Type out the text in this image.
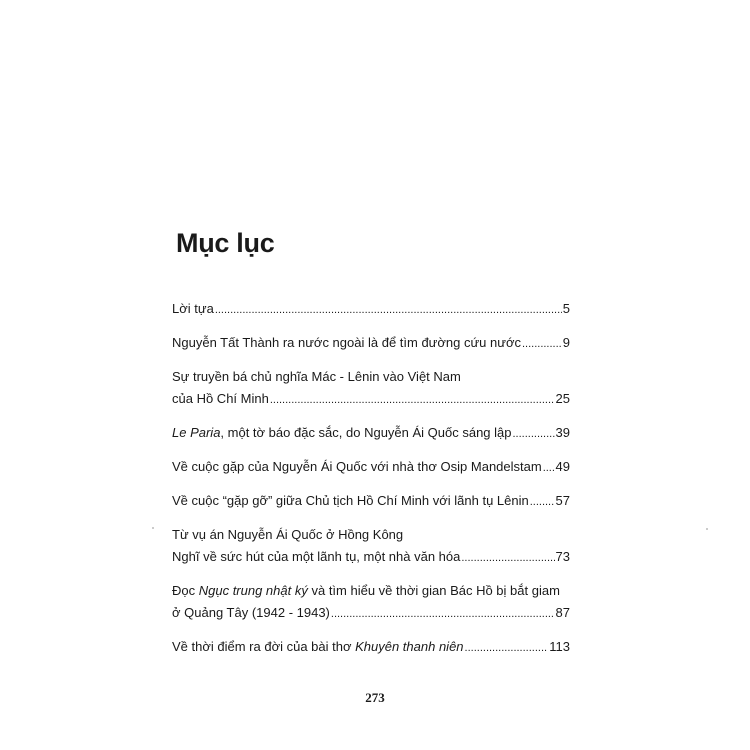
Mục lục
Lời tựa .....	5
Nguyễn Tất Thành ra nước ngoài là để tìm đường cứu nước .....	9
Sự truyền bá chủ nghĩa Mác - Lênin vào Việt Nam
của Hồ Chí Minh .....	25
Le Paria, một tờ báo đặc sắc, do Nguyễn Ái Quốc sáng lập .....	39
Về cuộc gặp của Nguyễn Ái Quốc với nhà thơ Osip Mandelstam ..... 49
Về cuộc “gặp gỡ” giữa Chủ tịch Hồ Chí Minh với lãnh tụ Lênin ..... 57
Từ vụ án Nguyễn Ái Quốc ở Hồng Kông
Nghĩ về sức hút của một lãnh tụ, một nhà văn hóa .....	73
Đọc Ngục trung nhật ký và tìm hiểu về thời gian Bác Hồ bị bắt giam
ở Quảng Tây (1942 - 1943) .....	87
Về thời điểm ra đời của bài thơ Khuyên thanh niên .....	113
273
